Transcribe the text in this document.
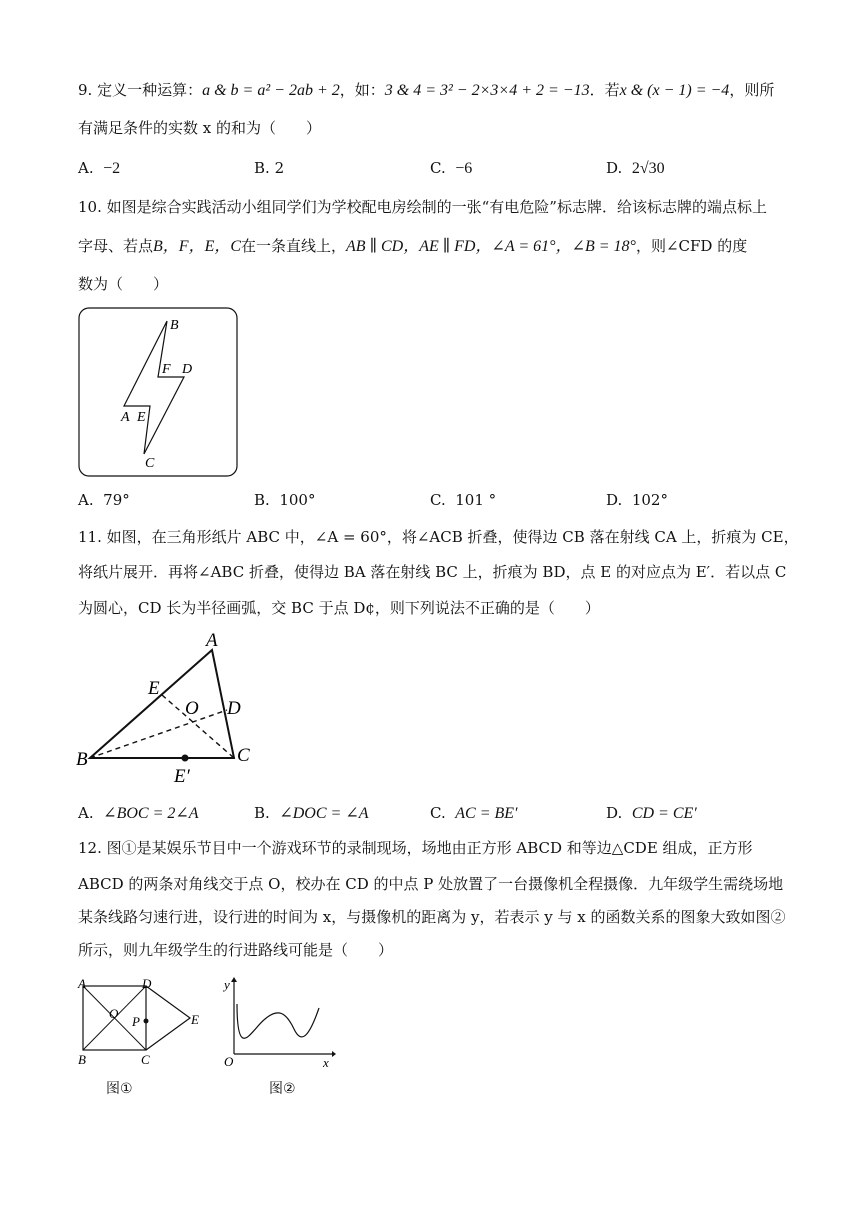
9. 定义一种运算：a & b = a² − 2ab + 2，如：3 & 4 = 3² − 2×3×4 + 2 = −13．若x & (x − 1) = −4，则所
有满足条件的实数 x 的和为（　　）
A. −2	B. 2	C. −6	D. 2√30
10. 如图是综合实践活动小组同学们为学校配电房绘制的一张“有电危险”标志牌．给该标志牌的端点标上
字母、若点B，F，E，C在一条直线上，AB ∥ CD，AE ∥ FD，∠A = 61°，∠B = 18°，则∠CFD 的度
数为（　　）
B
F D
A E
C
A. 79°	B. 100°	C. 101 °	D. 102°
11. 如图，在三角形纸片 ABC 中，∠A = 60°，将∠ACB 折叠，使得边 CB 落在射线 CA 上，折痕为 CE，
将纸片展开．再将∠ABC 折叠，使得边 BA 落在射线 BC 上，折痕为 BD，点 E 的对应点为 E′．若以点 C
为圆心，CD 长为半径画弧，交 BC 于点 D¢，则下列说法不正确的是（　　）
A
E
O D
B	C
E′
A. ∠BOC = 2∠A	B. ∠DOC = ∠A	C. AC = BE′	D. CD = CE′
12. 图①是某娱乐节目中一个游戏环节的录制现场，场地由正方形 ABCD 和等边△CDE 组成，正方形
ABCD 的两条对角线交于点 O，校办在 CD 的中点 P 处放置了一台摄像机全程摄像．九年级学生需绕场地
某条线路匀速行进，设行进的时间为 x，与摄像机的距离为 y，若表示 y 与 x 的函数关系的图象大致如图②
所示，则九年级学生的行进路线可能是（　　）
A	D
O
P	E
B	C
图①
y
O	x
图②
